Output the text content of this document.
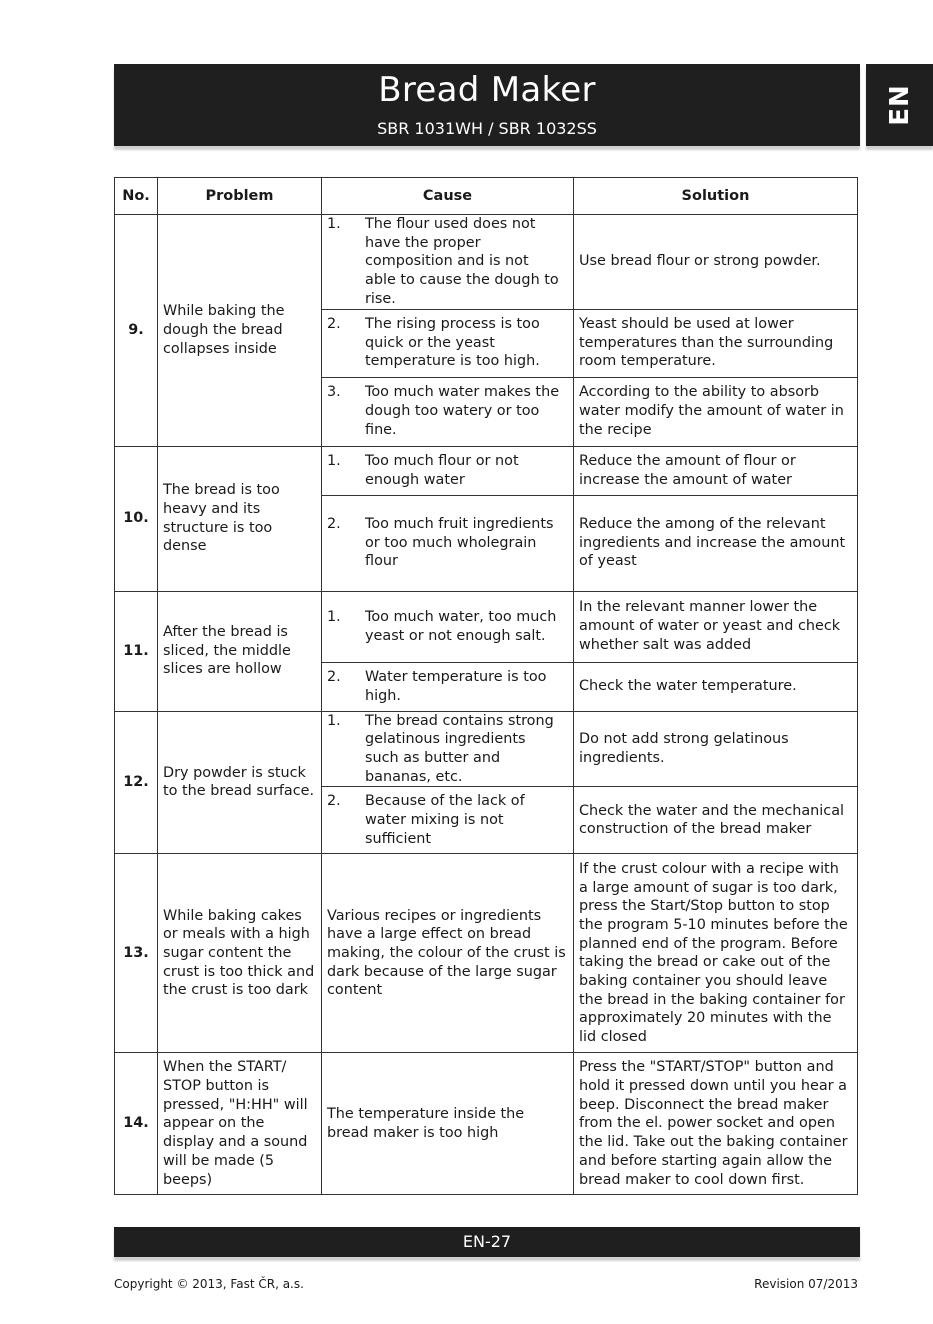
Bread Maker
SBR 1031WH / SBR 1032SS
EN
No.	Problem	Cause	Solution
9.	While baking the dough the bread collapses inside	1. The flour used does not have the proper composition and is not able to cause the dough to rise.	Use bread flour or strong powder.
		2. The rising process is too quick or the yeast temperature is too high.	Yeast should be used at lower temperatures than the surrounding room temperature.
		3. Too much water makes the dough too watery or too fine.	According to the ability to absorb water modify the amount of water in the recipe
10.	The bread is too heavy and its structure is too dense	1. Too much flour or not enough water	Reduce the amount of flour or increase the amount of water
		2. Too much fruit ingredients or too much wholegrain flour	Reduce the among of the relevant ingredients and increase the amount of yeast
11.	After the bread is sliced, the middle slices are hollow	1. Too much water, too much yeast or not enough salt.	In the relevant manner lower the amount of water or yeast and check whether salt was added
		2. Water temperature is too high.	Check the water temperature.
12.	Dry powder is stuck to the bread surface.	1. The bread contains strong gelatinous ingredients such as butter and bananas, etc.	Do not add strong gelatinous ingredients.
		2. Because of the lack of water mixing is not sufficient	Check the water and the mechanical construction of the bread maker
13.	While baking cakes or meals with a high sugar content the crust is too thick and the crust is too dark	Various recipes or ingredients have a large effect on bread making, the colour of the crust is dark because of the large sugar content	If the crust colour with a recipe with a large amount of sugar is too dark, press the Start/Stop button to stop the program 5-10 minutes before the planned end of the program. Before taking the bread or cake out of the baking container you should leave the bread in the baking container for approximately 20 minutes with the lid closed
14.	When the START/ STOP button is pressed, "H:HH" will appear on the display and a sound will be made (5 beeps)	The temperature inside the bread maker is too high	Press the "START/STOP" button and hold it pressed down until you hear a beep. Disconnect the bread maker from the el. power socket and open the lid. Take out the baking container and before starting again allow the bread maker to cool down first.
EN-27
Copyright © 2013, Fast ČR, a.s.	Revision 07/2013
